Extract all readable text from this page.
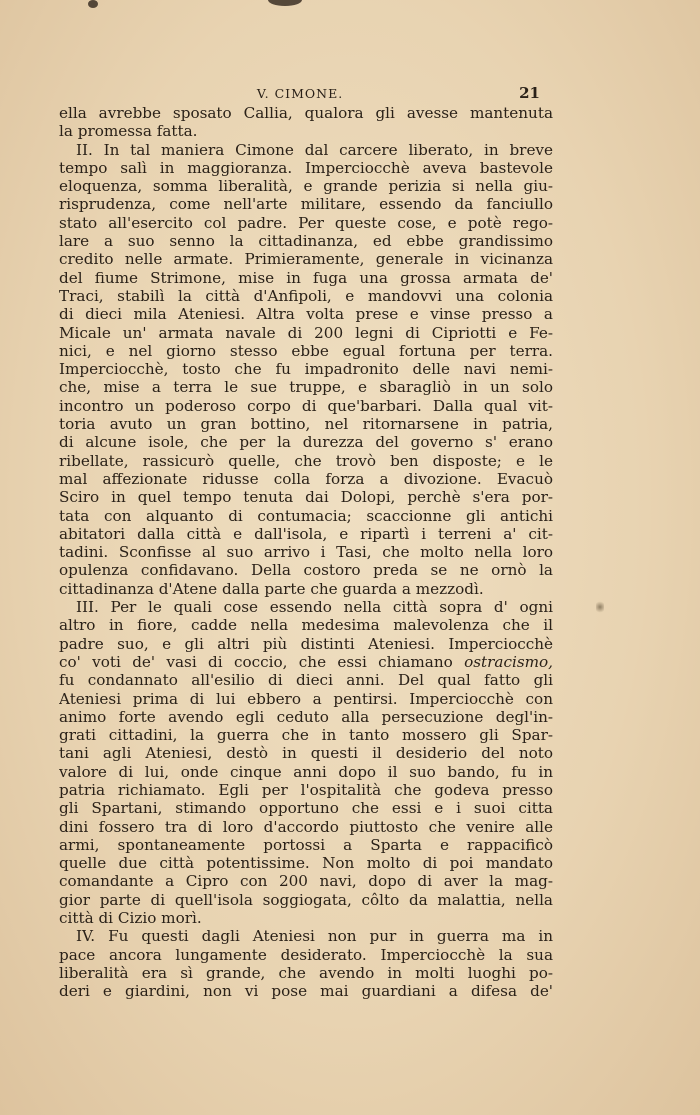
V. CIMONE.	21
ella avrebbe sposato Callia, qualora gli avesse mantenuta
la promessa fatta.
II. In tal maniera Cimone dal carcere liberato, in breve
tempo salì in maggioranza. Imperciocchè aveva bastevole
eloquenza, somma liberalità, e grande perizia si nella giu-
risprudenza, come nell'arte militare, essendo da fanciullo
stato all'esercito col padre. Per queste cose, e potè rego-
lare a suo senno la cittadinanza, ed ebbe grandissimo
credito nelle armate. Primieramente, generale in vicinanza
del fiume Strimone, mise in fuga una grossa armata de'
Traci, stabilì la città d'Anfipoli, e mandovvi una colonia
di dieci mila Ateniesi. Altra volta prese e vinse presso a
Micale un' armata navale di 200 legni di Cipriotti e Fe-
nici, e nel giorno stesso ebbe egual fortuna per terra.
Imperciocchè, tosto che fu impadronito delle navi nemi-
che, mise a terra le sue truppe, e sbaragliò in un solo
incontro un poderoso corpo di que'barbari. Dalla qual vit-
toria avuto un gran bottino, nel ritornarsene in patria,
di alcune isole, che per la durezza del governo s' erano
ribellate, rassicurò quelle, che trovò ben disposte; e le
mal affezionate ridusse colla forza a divozione. Evacuò
Sciro in quel tempo tenuta dai Dolopi, perchè s'era por-
tata con alquanto di contumacia; scaccionne gli antichi
abitatori dalla città e dall'isola, e ripartì i terreni a' cit-
tadini. Sconfisse al suo arrivo i Tasi, che molto nella loro
opulenza confidavano. Della costoro preda se ne ornò la
cittadinanza d'Atene dalla parte che guarda a mezzodì.
III. Per le quali cose essendo nella città sopra d' ogni
altro in fiore, cadde nella medesima malevolenza che il
padre suo, e gli altri più distinti Ateniesi. Imperciocchè
co' voti de' vasi di coccio, che essi chiamano ostracismo,
fu condannato all'esilio di dieci anni. Del qual fatto gli
Ateniesi prima di lui ebbero a pentirsi. Imperciocchè con
animo forte avendo egli ceduto alla persecuzione degl'in-
grati cittadini, la guerra che in tanto mossero gli Spar-
tani agli Ateniesi, destò in questi il desiderio del noto
valore di lui, onde cinque anni dopo il suo bando, fu in
patria richiamato. Egli per l'ospitalità che godeva presso
gli Spartani, stimando opportuno che essi e i suoi citta
dini fossero tra di loro d'accordo piuttosto che venire alle
armi, spontaneamente portossi a Sparta e rappacificò
quelle due città potentissime. Non molto di poi mandato
comandante a Cipro con 200 navi, dopo di aver la mag-
gior parte di quell'isola soggiogata, côlto da malattia, nella
città di Cizio morì.
IV. Fu questi dagli Ateniesi non pur in guerra ma in
pace ancora lungamente desiderato. Imperciocchè la sua
liberalità era sì grande, che avendo in molti luoghi po-
deri e giardini, non vi pose mai guardiani a difesa de'
